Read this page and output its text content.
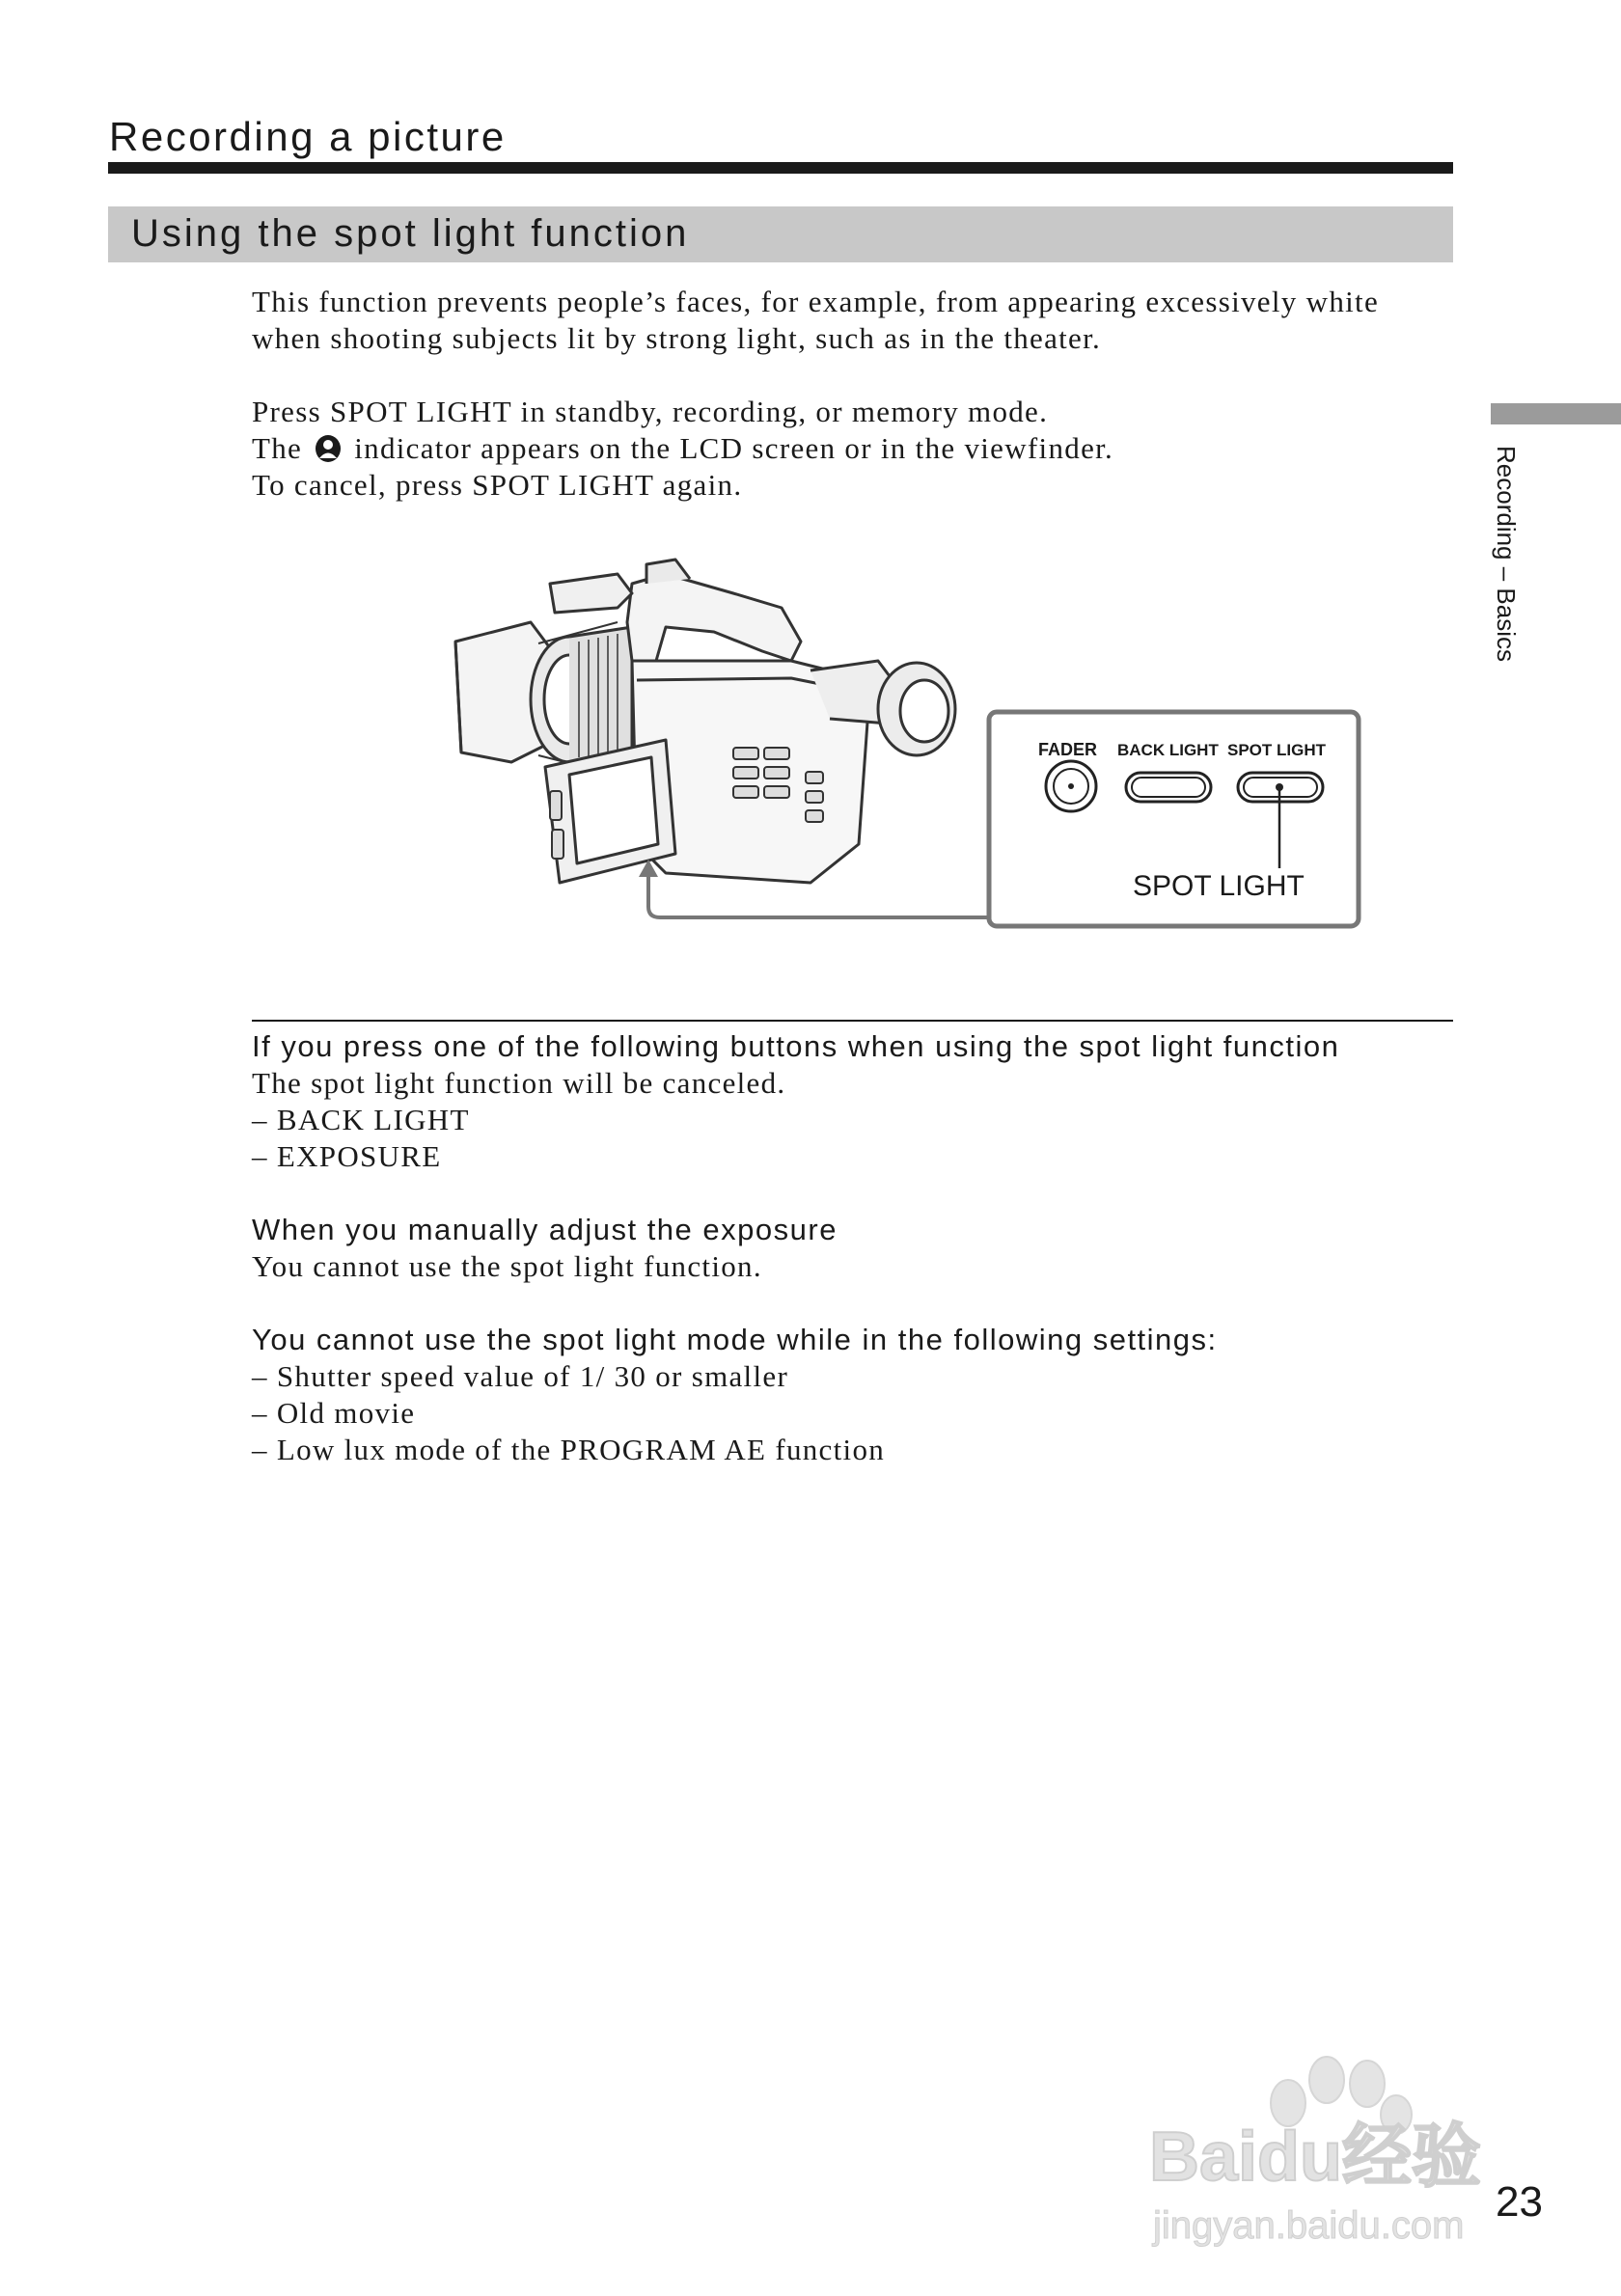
Recording a picture
Using the spot light function
Recording – Basics

This function prevents people’s faces, for example, from appearing excessively white

when shooting subjects lit by strong light, such as in the theater.

Press SPOT LIGHT in standby, recording, or memory mode.

The indicator appears on the LCD screen or in the viewfinder.

To cancel, press SPOT LIGHT again.

FADER BACK LIGHT SPOT LIGHT
SPOT LIGHT
If you press one of the following buttons when using the spot light function

The spot light function will be canceled.

– BACK LIGHT
– EXPOSURE
When you manually adjust the exposure

You cannot use the spot light function.

You cannot use the spot light mode while in the following settings:
– Shutter speed value of 1/ 30 or smaller
– Old movie
– Low lux mode of the PROGRAM AE function
Baidu经验
jingyan.baidu.com 23
